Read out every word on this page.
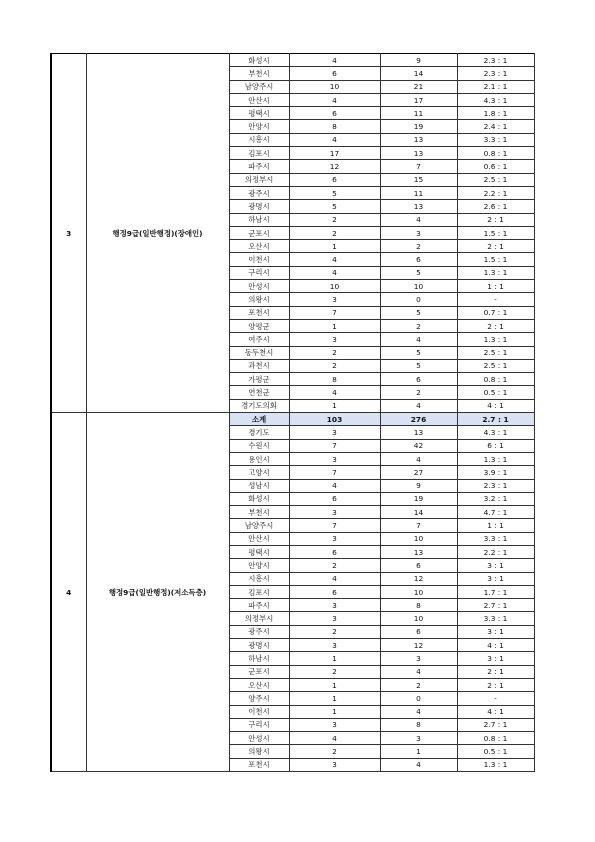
3	행정9급(일반행정)(장애인)	화성시	4	9	2.3 : 1
		부천시	6	14	2.3 : 1
		남양주시	10	21	2.1 : 1
		안산시	4	17	4.3 : 1
		평택시	6	11	1.8 : 1
		안양시	8	19	2.4 : 1
		시흥시	4	13	3.3 : 1
		김포시	17	13	0.8 : 1
		파주시	12	7	0.6 : 1
		의정부시	6	15	2.5 : 1
		광주시	5	11	2.2 : 1
		광명시	5	13	2.6 : 1
		하남시	2	4	2 : 1
		군포시	2	3	1.5 : 1
		오산시	1	2	2 : 1
		이천시	4	6	1.5 : 1
		구리시	4	5	1.3 : 1
		안성시	10	10	1 : 1
		의왕시	3	0	-
		포천시	7	5	0.7 : 1
		양평군	1	2	2 : 1
		여주시	3	4	1.3 : 1
		동두천시	2	5	2.5 : 1
		과천시	2	5	2.5 : 1
		가평군	8	6	0.8 : 1
		연천군	4	2	0.5 : 1
		경기도의회	1	4	4 : 1
4	행정9급(일반행정)(저소득층)	소계	103	276	2.7 : 1
		경기도	3	13	4.3 : 1
		수원시	7	42	6 : 1
		용인시	3	4	1.3 : 1
		고양시	7	27	3.9 : 1
		성남시	4	9	2.3 : 1
		화성시	6	19	3.2 : 1
		부천시	3	14	4.7 : 1
		남양주시	7	7	1 : 1
		안산시	3	10	3.3 : 1
		평택시	6	13	2.2 : 1
		안양시	2	6	3 : 1
		시흥시	4	12	3 : 1
		김포시	6	10	1.7 : 1
		파주시	3	8	2.7 : 1
		의정부시	3	10	3.3 : 1
		광주시	2	6	3 : 1
		광명시	3	12	4 : 1
		하남시	1	3	3 : 1
		군포시	2	4	2 : 1
		오산시	1	2	2 : 1
		양주시	1	0	-
		이천시	1	4	4 : 1
		구리시	3	8	2.7 : 1
		안성시	4	3	0.8 : 1
		의왕시	2	1	0.5 : 1
		포천시	3	4	1.3 : 1
